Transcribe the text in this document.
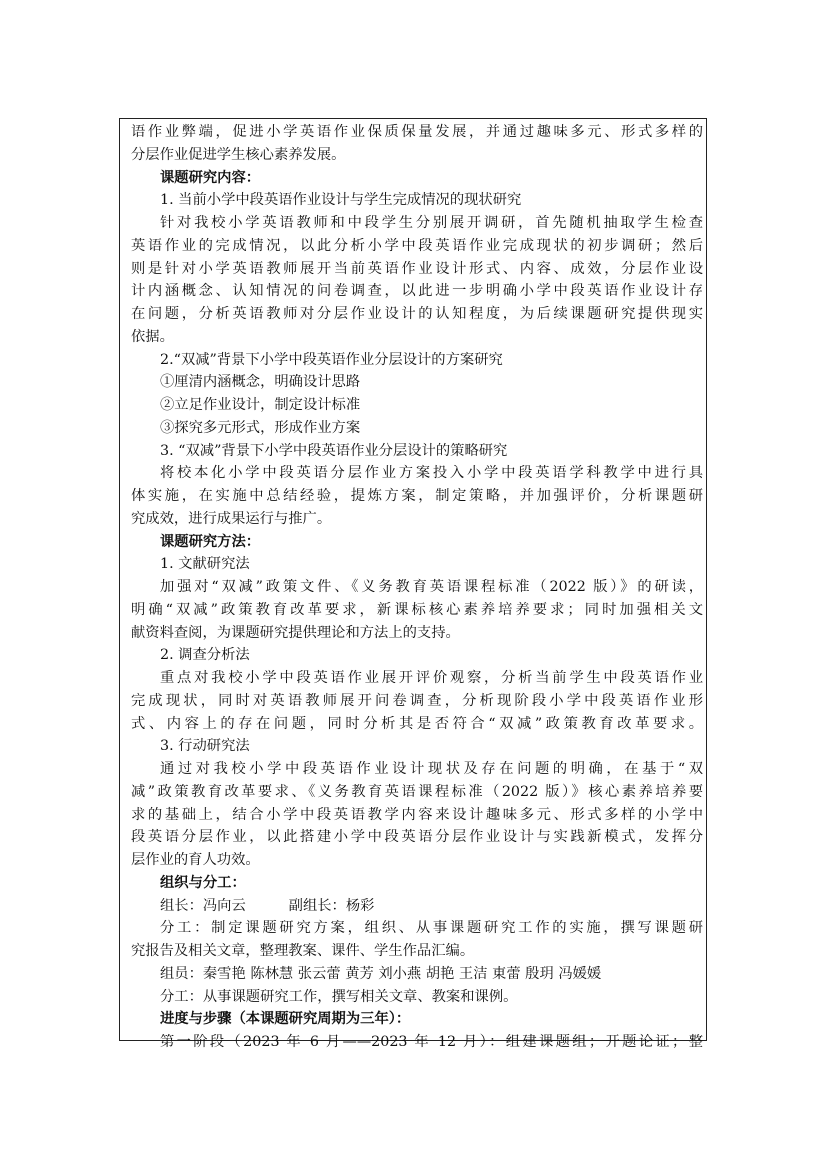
语作业弊端，促进小学英语作业保质保量发展，并通过趣味多元、形式多样的
分层作业促进学生核心素养发展。
课题研究内容：
1. 当前小学中段英语作业设计与学生完成情况的现状研究
针对我校小学英语教师和中段学生分别展开调研，首先随机抽取学生检查
英语作业的完成情况，以此分析小学中段英语作业完成现状的初步调研；然后
则是针对小学英语教师展开当前英语作业设计形式、内容、成效，分层作业设
计内涵概念、认知情况的问卷调查，以此进一步明确小学中段英语作业设计存
在问题，分析英语教师对分层作业设计的认知程度，为后续课题研究提供现实
依据。
2.“双减”背景下小学中段英语作业分层设计的方案研究
①厘清内涵概念，明确设计思路
②立足作业设计，制定设计标准
③探究多元形式，形成作业方案
3. “双减”背景下小学中段英语作业分层设计的策略研究
将校本化小学中段英语分层作业方案投入小学中段英语学科教学中进行具
体实施，在实施中总结经验，提炼方案，制定策略，并加强评价，分析课题研
究成效，进行成果运行与推广。
课题研究方法：
1. 文献研究法
加强对“双减”政策文件、《义务教育英语课程标准（2022 版）》的研读，
明确“双减”政策教育改革要求，新课标核心素养培养要求；同时加强相关文
献资料查阅，为课题研究提供理论和方法上的支持。
2. 调查分析法
重点对我校小学中段英语作业展开评价观察，分析当前学生中段英语作业
完成现状，同时对英语教师展开问卷调查，分析现阶段小学中段英语作业形
式、内容上的存在问题，同时分析其是否符合“双减”政策教育改革要求。
3. 行动研究法
通过对我校小学中段英语作业设计现状及存在问题的明确，在基于“双
减”政策教育改革要求、《义务教育英语课程标准（2022 版）》核心素养培养要
求的基础上，结合小学中段英语教学内容来设计趣味多元、形式多样的小学中
段英语分层作业，以此搭建小学中段英语分层作业设计与实践新模式，发挥分
层作业的育人功效。
组织与分工：
组长：冯向云　　　副组长：杨彩
分工：制定课题研究方案，组织、从事课题研究工作的实施，撰写课题研
究报告及相关文章，整理教案、课件、学生作品汇编。
组员：秦雪艳 陈林慧 张云蕾 黄芳 刘小燕 胡艳 王洁 東蕾 殷玥 冯媛媛
分工：从事课题研究工作，撰写相关文章、教案和课例。
进度与步骤（本课题研究周期为三年）：
第一阶段（2023 年 6 月——2023 年 12 月）：组建课题组；开题论证；整
